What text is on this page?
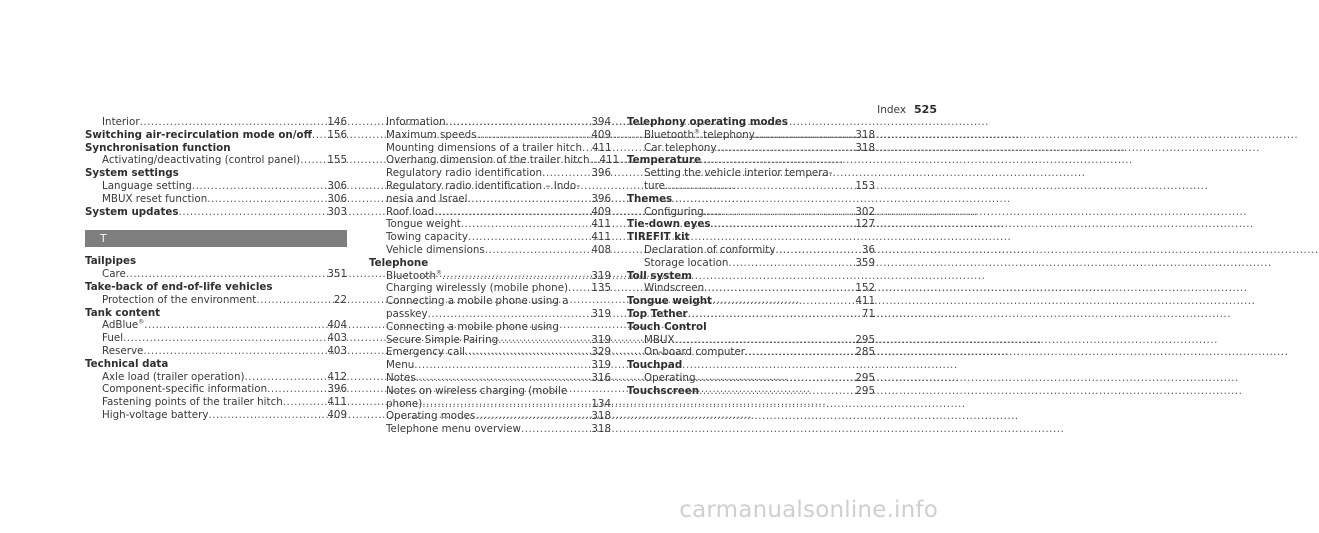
Index 525
Interior .....	146
Switching air-recirculation mode on/off .....	156
Synchronisation function
Activating/deactivating (control panel) .....	155
System settings
Language setting .....	306
MBUX reset function .....	306
System updates .....	303
T
Tailpipes
Care .....	351
Take-back of end-of-life vehicles
Protection of the environment .....	22
Tank content
AdBlue® .....	404
Fuel .....	403
Reserve .....	403
Technical data
Axle load (trailer operation) .....	412
Component-specific information .....	396
Fastening points of the trailer hitch .....	411
High-voltage battery .....	409
Information .....	394
Maximum speeds .....	409
Mounting dimensions of a trailer hitch ..... 411
Overhang dimension of the trailer hitch ..... 411
Regulatory radio identification .....	396
Regulatory radio identification – Indo-
nesia and Israel .....	396
Roof load .....	409
Tongue weight .....	411
Towing capacity .....	411
Vehicle dimensions .....	408
Telephone
Bluetooth® .....	319
Charging wirelessly (mobile phone) .....	135
Connecting a mobile phone using a
passkey .....	319
Connecting a mobile phone using
Secure Simple Pairing .....	319
Emergency call .....	329
Menu .....	319
Notes .....	316
Notes on wireless charging (mobile
phone) .....	134
Operating modes .....	318
Telephone menu overview .....	318
Telephony operating modes
Bluetooth® telephony .....	318
Car telephony .....	318
Temperature
Setting the vehicle interior tempera-
ture .....	153
Themes
Configuring .....	302
Tie-down eyes .....	127
TIREFIT kit
Declaration of conformity .....	36
Storage location .....	359
Toll system
Windscreen .....	152
Tongue weight .....	411
Top Tether .....	71
Touch Control
MBUX .....	295
On-board computer .....	285
Touchpad
Operating .....	295
Touchscreen .....	295
carmanualsonline.info
